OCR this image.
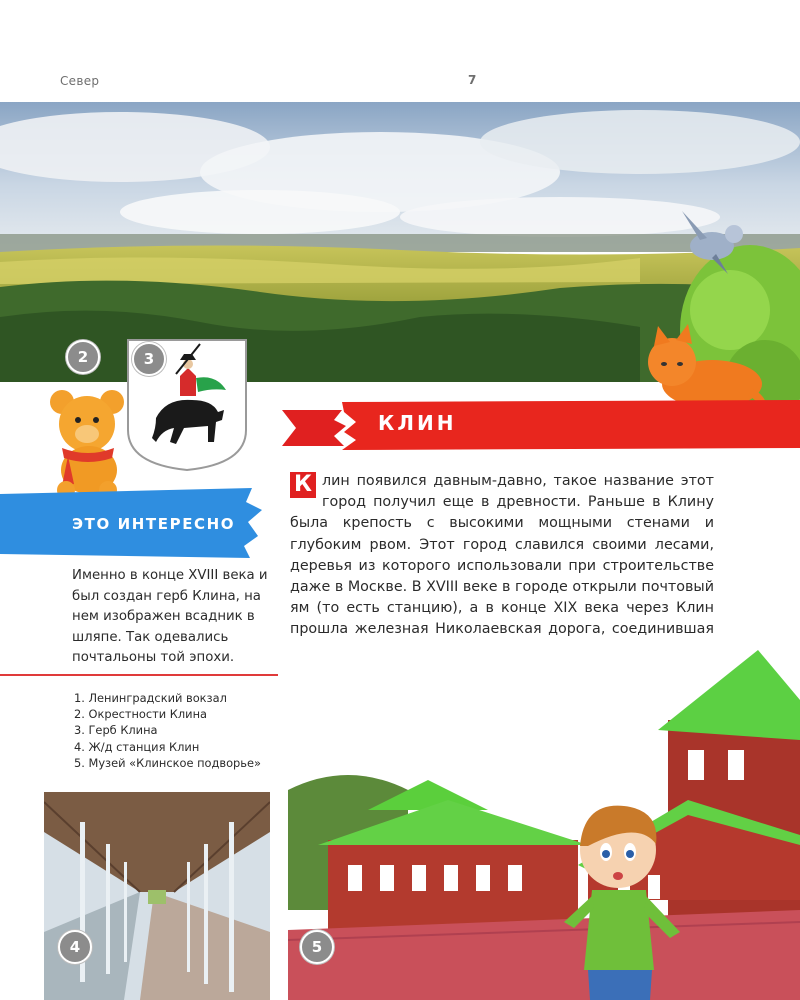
Север	7
2	3
ЭТО ИНТЕРЕСНО
Именно в конце XVIII века и был создан герб Клина, на нем изображен всадник в шляпе. Так одевались почтальоны той эпохи.
1. Ленинградский вокзал
2. Окрестности Клина
3. Герб Клина
4. Ж/д станция Клин
5. Музей «Клинское подворье»
КЛИН

К лин появился давным-давно, такое название этот город получил еще в древности. Раньше в Клину была крепость с высокими мощными стенами и глубоким рвом. Этот город славился своими лесами, деревья из которого использовали при строительстве даже в Москве. В XVIII веке в городе открыли почтовый ям (то есть станцию), а в конце XIX века через Клин прошла железная Николаевская дорога, соединившая

4	5
